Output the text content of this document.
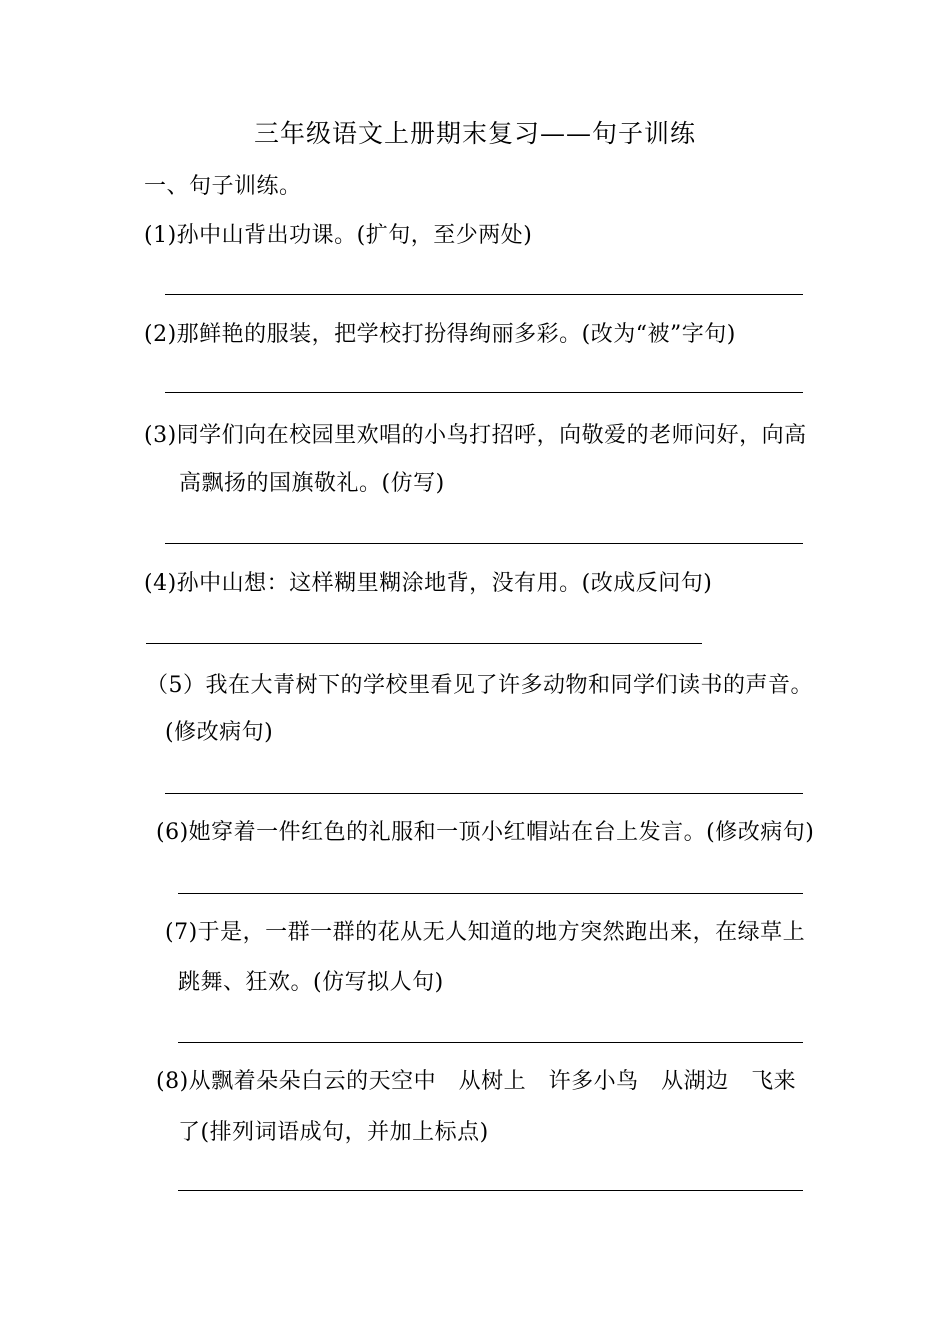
三年级语文上册期末复习——句子训练
一、句子训练。
(1)孙中山背出功课。(扩句，至少两处)
(2)那鲜艳的服装，把学校打扮得绚丽多彩。(改为“被”字句)
(3)同学们向在校园里欢唱的小鸟打招呼，向敬爱的老师问好，向高
高飘扬的国旗敬礼。(仿写)
(4)孙中山想：这样糊里糊涂地背，没有用。(改成反问句)
（5）我在大青树下的学校里看见了许多动物和同学们读书的声音。
(修改病句)
(6)她穿着一件红色的礼服和一顶小红帽站在台上发言。(修改病句)
(7)于是，一群一群的花从无人知道的地方突然跑出来，在绿草上
跳舞、狂欢。(仿写拟人句)
(8)从飘着朵朵白云的天空中　从树上　许多小鸟　从湖边　飞来
了(排列词语成句，并加上标点)
